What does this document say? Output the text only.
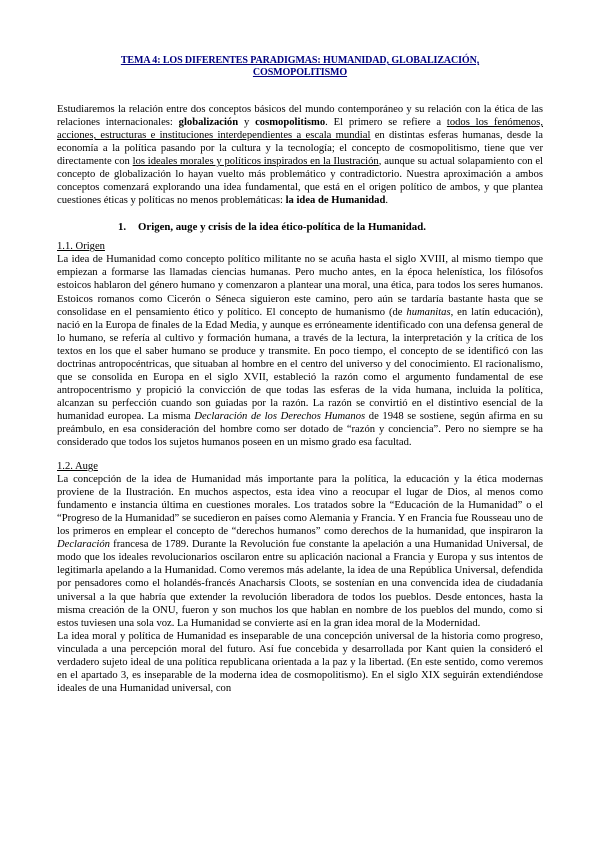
TEMA 4: LOS DIFERENTES PARADIGMAS: HUMANIDAD, GLOBALIZACIÓN,
COSMOPOLITISMO

Estudiaremos la relación entre dos conceptos básicos del mundo contemporáneo y su relación con la ética de las relaciones internacionales: globalización y cosmopolitismo. El primero se refiere a todos los fenómenos, acciones, estructuras e instituciones interdependientes a escala mundial en distintas esferas humanas, desde la economía a la política pasando por la cultura y la tecnología; el concepto de cosmopolitismo, tiene que ver directamente con los ideales morales y políticos inspirados en la Ilustración, aunque su actual solapamiento con el concepto de globalización lo hayan vuelto más problemático y contradictorio. Nuestra aproximación a ambos conceptos comenzará explorando una idea fundamental, que está en el origen político de ambos, y que plantea cuestiones éticas y políticas no menos problemáticas: la idea de Humanidad.

1. Origen, auge y crisis de la idea ético-política de la Humanidad.
1.1. Origen

La idea de Humanidad como concepto político militante no se acuña hasta el siglo XVIII, al mismo tiempo que empiezan a formarse las llamadas ciencias humanas. Pero mucho antes, en la época helenística, los filósofos estoicos hablaron del género humano y comenzaron a plantear una moral, una ética, para todos los seres humanos. Estoicos romanos como Cicerón o Séneca siguieron este camino, pero aún se tardaría bastante hasta que se consolidase en el pensamiento ético y político. El concepto de humanismo (de humanitas, en latín educación), nació en la Europa de finales de la Edad Media, y aunque es erróneamente identificado con una defensa general de lo humano, se refería al cultivo y formación humana, a través de la lectura, la interpretación y la crítica de los textos en los que el saber humano se produce y transmite. En poco tiempo, el concepto de se identificó con las doctrinas antropocéntricas, que situaban al hombre en el centro del universo y del conocimiento. El racionalismo, que se consolida en Europa en el siglo XVII, estableció la razón como el argumento fundamental de ese antropocentrismo y propició la convicción de que todas las esferas de la vida humana, incluida la política, alcanzan su perfección cuando son guiadas por la razón. La razón se convirtió en el distintivo esencial de la humanidad europea. La misma Declaración de los Derechos Humanos de 1948 se sostiene, según afirma en su preámbulo, en esa consideración del hombre como ser dotado de “razón y conciencia”. Pero no siempre se ha considerado que todos los sujetos humanos poseen en un mismo grado esa facultad.

1.2. Auge

La concepción de la idea de Humanidad más importante para la política, la educación y la ética modernas proviene de la Ilustración. En muchos aspectos, esta idea vino a reocupar el lugar de Dios, al menos como fundamento e instancia última en cuestiones morales. Los tratados sobre la “Educación de la Humanidad” o el “Progreso de la Humanidad” se sucedieron en países como Alemania y Francia. Y en Francia fue Rousseau uno de los primeros en emplear el concepto de “derechos humanos” como derechos de la humanidad, que inspiraron la Declaración francesa de 1789. Durante la Revolución fue constante la apelación a una Humanidad Universal, de modo que los ideales revolucionarios oscilaron entre su aplicación nacional a Francia y Europa y sus intentos de legitimarla apelando a la Humanidad. Como veremos más adelante, la idea de una República Universal, defendida por pensadores como el holandés-francés Anacharsis Cloots, se sostenían en una convencida idea de ciudadanía universal a la que habría que extender la revolución liberadora de todos los pueblos. Desde entonces, hasta la misma creación de la ONU, fueron y son muchos los que hablan en nombre de los pueblos del mundo, como si estos tuviesen una sola voz. La Humanidad se convierte así en la gran idea moral de la Modernidad.

La idea moral y política de Humanidad es inseparable de una concepción universal de la historia como progreso, vinculada a una percepción moral del futuro. Así fue concebida y desarrollada por Kant quien la consideró el verdadero sujeto ideal de una política republicana orientada a la paz y la libertad. (En este sentido, como veremos en el apartado 3, es inseparable de la moderna idea de cosmopolitismo). En el siglo XIX seguirán extendiéndose ideales de una Humanidad universal, con
